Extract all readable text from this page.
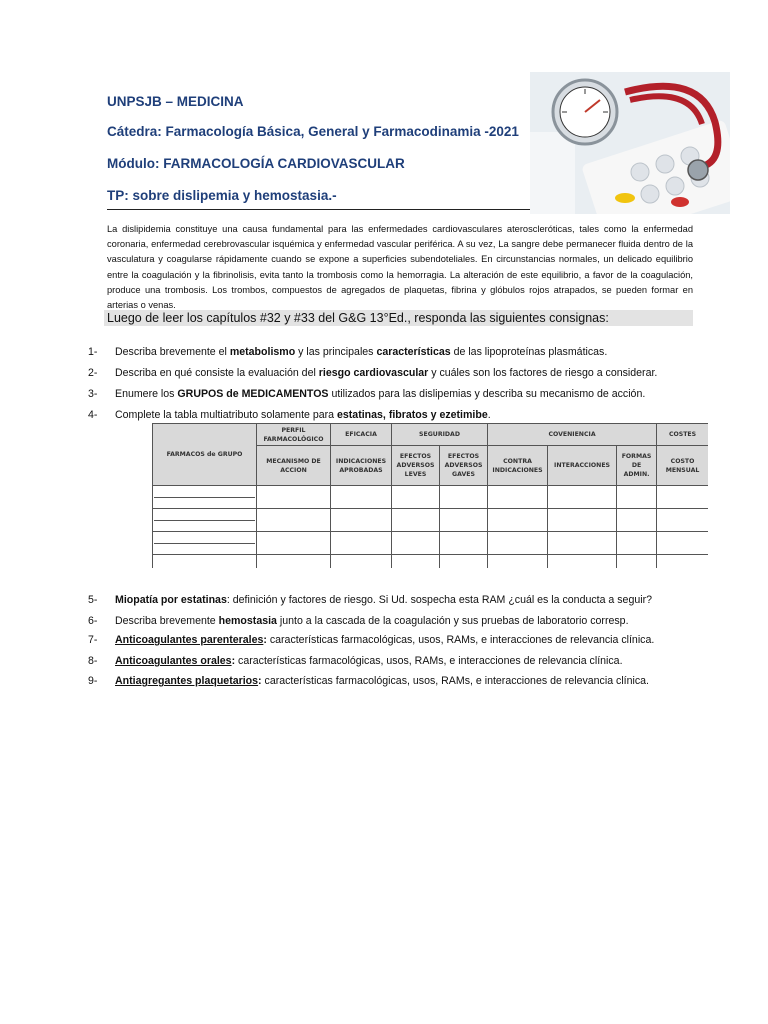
UNPSJB – MEDICINA

Cátedra: Farmacología Básica, General y Farmacodinamia -2021

Módulo: FARMACOLOGÍA CARDIOVASCULAR

TP: sobre dislipemia y hemostasia.-

La dislipidemia constituye una causa fundamental para las enfermedades cardiovasculares ateroscleróticas, tales como la enfermedad coronaria, enfermedad cerebrovascular isquémica y enfermedad vascular periférica. A su vez, La sangre debe permanecer fluida dentro de la vasculatura y coagularse rápidamente cuando se expone a superficies subendoteliales. En circunstancias normales, un delicado equilibrio entre la coagulación y la fibrinolisis, evita tanto la trombosis como la hemorragia. La alteración de este equilibrio, a favor de la coagulación, produce una trombosis. Los trombos, compuestos de agregados de plaquetas, fibrina y glóbulos rojos atrapados, se pueden formar en arterias o venas.

Luego de leer los capítulos #32 y #33 del G&G 13°Ed., responda las siguientes consignas:
1- Describa brevemente el metabolismo y las principales características de las lipoproteínas plasmáticas.
2- Describa en qué consiste la evaluación del riesgo cardiovascular y cuáles son los factores de riesgo a considerar.
3- Enumere los GRUPOS de MEDICAMENTOS utilizados para las dislipemias y describa su mecanismo de acción.
4- Complete la tabla multiatributo solamente para estatinas, fibratos y ezetimibe.
FARMACOS de GRUPO	PERFIL FARMACOLÓGICO	EFICACIA	SEGURIDAD		COVENIENCIA			COSTES
	MECANISMO DE ACCION	INDICACIONES APROBADAS	EFECTOS ADVERSOS LEVES	EFECTOS ADVERSOS GAVES	CONTRA INDICACIONES	INTERACCIONES	FORMAS DE ADMIN.	COSTO MENSUAL

5- Miopatía por estatinas: definición y factores de riesgo. Si Ud. sospecha esta RAM ¿cuál es la conducta a seguir?
6- Describa brevemente hemostasia junto a la cascada de la coagulación y sus pruebas de laboratorio corresp.
7- Anticoagulantes parenterales: características farmacológicas, usos, RAMs, e interacciones de relevancia clínica.
8- Anticoagulantes orales: características farmacológicas, usos, RAMs, e interacciones de relevancia clínica.
9- Antiagregantes plaquetarios: características farmacológicas, usos, RAMs, e interacciones de relevancia clínica.
